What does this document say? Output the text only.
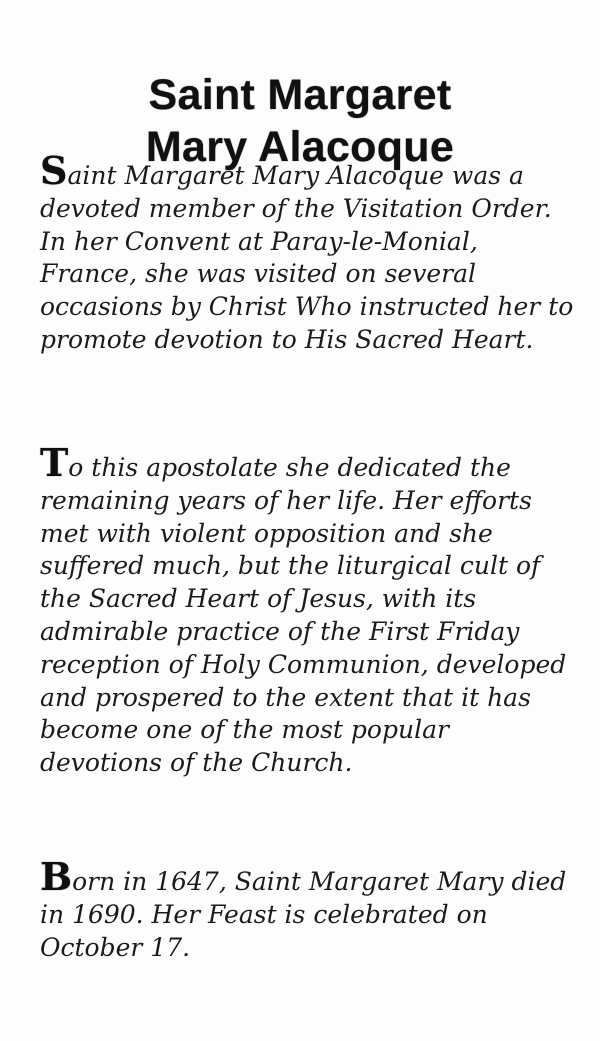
Saint Margaret
Mary Alacoque

Saint Margaret Mary Alacoque was a devoted member of the Visitation Order. In her Convent at Paray-le-Monial, France, she was visited on several occasions by Christ Who instructed her to promote devotion to His Sacred Heart.

To this apostolate she dedicated the remaining years of her life. Her efforts met with violent opposition and she suffered much, but the liturgical cult of the Sacred Heart of Jesus, with its admirable practice of the First Friday reception of Holy Communion, developed and prospered to the extent that it has become one of the most popular devotions of the Church.

Born in 1647, Saint Margaret Mary died in 1690. Her Feast is celebrated on October 17.
